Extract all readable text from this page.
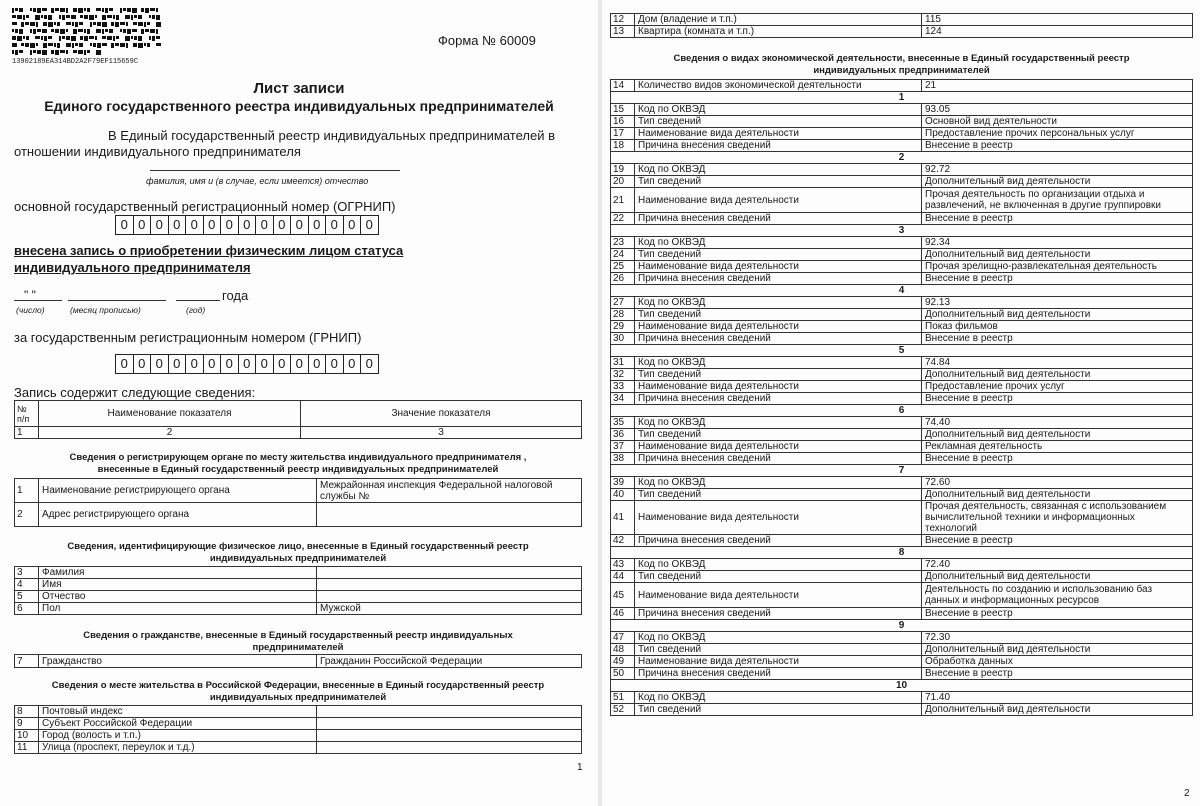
13902189EA314BD2A2F79EF115659C
Форма № 60009
Лист записи
Единого государственного реестра индивидуальных предпринимателей
В Единый государственный реестр индивидуальных предпринимателей в
отношении индивидуального предпринимателя
фамилия, имя и (в случае, если имеется) отчество
основной государственный регистрационный номер (ОГРНИП)
0 0 0 0 0 0 0 0 0 0 0 0 0 0 0
внесена запись о приобретении физическим лицом статуса
индивидуального предпринимателя
" "	года
(число)	(месяц прописью)	(год)
за государственным регистрационным номером (ГРНИП)
0 0 0 0 0 0 0 0 0 0 0 0 0 0 0
Запись содержит следующие сведения:
№ п/п	Наименование показателя	Значение показателя
1	2	3
Сведения о регистрирующем органе по месту жительства индивидуального предпринимателя ,
внесенные в Единый государственный реестр индивидуальных предпринимателей
1	Наименование регистрирующего органа	Межрайонная инспекция Федеральной налоговой службы №
2	Адрес регистрирующего органа	
Сведения, идентифицирующие физическое лицо, внесенные в Единый государственный реестр
индивидуальных предпринимателей
3	Фамилия	
4	Имя	
5	Отчество	
6	Пол	Мужской
Сведения о гражданстве, внесенные в Единый государственный реестр индивидуальных
предпринимателей
7	Гражданство	Гражданин Российской Федерации
Сведения о месте жительства в Российской Федерации, внесенные в Единый государственный реестр
индивидуальных предпринимателей
8	Почтовый индекс	
9	Субъект Российской Федерации	
10	Город (волость и т.п.)	
11	Улица (проспект, переулок и т.д.)	
1
12	Дом (владение и т.п.)	115
13	Квартира (комната и т.п.)	124
Сведения о видах экономической деятельности, внесенные в Единый государственный реестр
индивидуальных предпринимателей
14	Количество видов экономической деятельности	21
1		
15	Код по ОКВЭД	93.05
16	Тип сведений	Основной вид деятельности
17	Наименование вида деятельности	Предоставление прочих персональных услуг
18	Причина внесения сведений	Внесение в реестр
2		
19	Код по ОКВЭД	92.72
20	Тип сведений	Дополнительный вид деятельности
21	Наименование вида деятельности	Прочая деятельность по организации отдыха и развлечений, не включенная в другие группировки
22	Причина внесения сведений	Внесение в реестр
3		
23	Код по ОКВЭД	92.34
24	Тип сведений	Дополнительный вид деятельности
25	Наименование вида деятельности	Прочая зрелищно-развлекательная деятельность
26	Причина внесения сведений	Внесение в реестр
4		
27	Код по ОКВЭД	92.13
28	Тип сведений	Дополнительный вид деятельности
29	Наименование вида деятельности	Показ фильмов
30	Причина внесения сведений	Внесение в реестр
5		
31	Код по ОКВЭД	74.84
32	Тип сведений	Дополнительный вид деятельности
33	Наименование вида деятельности	Предоставление прочих услуг
34	Причина внесения сведений	Внесение в реестр
6		
35	Код по ОКВЭД	74.40
36	Тип сведений	Дополнительный вид деятельности
37	Наименование вида деятельности	Рекламная деятельность
38	Причина внесения сведений	Внесение в реестр
7		
39	Код по ОКВЭД	72.60
40	Тип сведений	Дополнительный вид деятельности
41	Наименование вида деятельности	Прочая деятельность, связанная с использованием вычислительной техники и информационных технологий
42	Причина внесения сведений	Внесение в реестр
8		
43	Код по ОКВЭД	72.40
44	Тип сведений	Дополнительный вид деятельности
45	Наименование вида деятельности	Деятельность по созданию и использованию баз данных и информационных ресурсов
46	Причина внесения сведений	Внесение в реестр
9		
47	Код по ОКВЭД	72.30
48	Тип сведений	Дополнительный вид деятельности
49	Наименование вида деятельности	Обработка данных
50	Причина внесения сведений	Внесение в реестр
10		
51	Код по ОКВЭД	71.40
52	Тип сведений	Дополнительный вид деятельности
2
